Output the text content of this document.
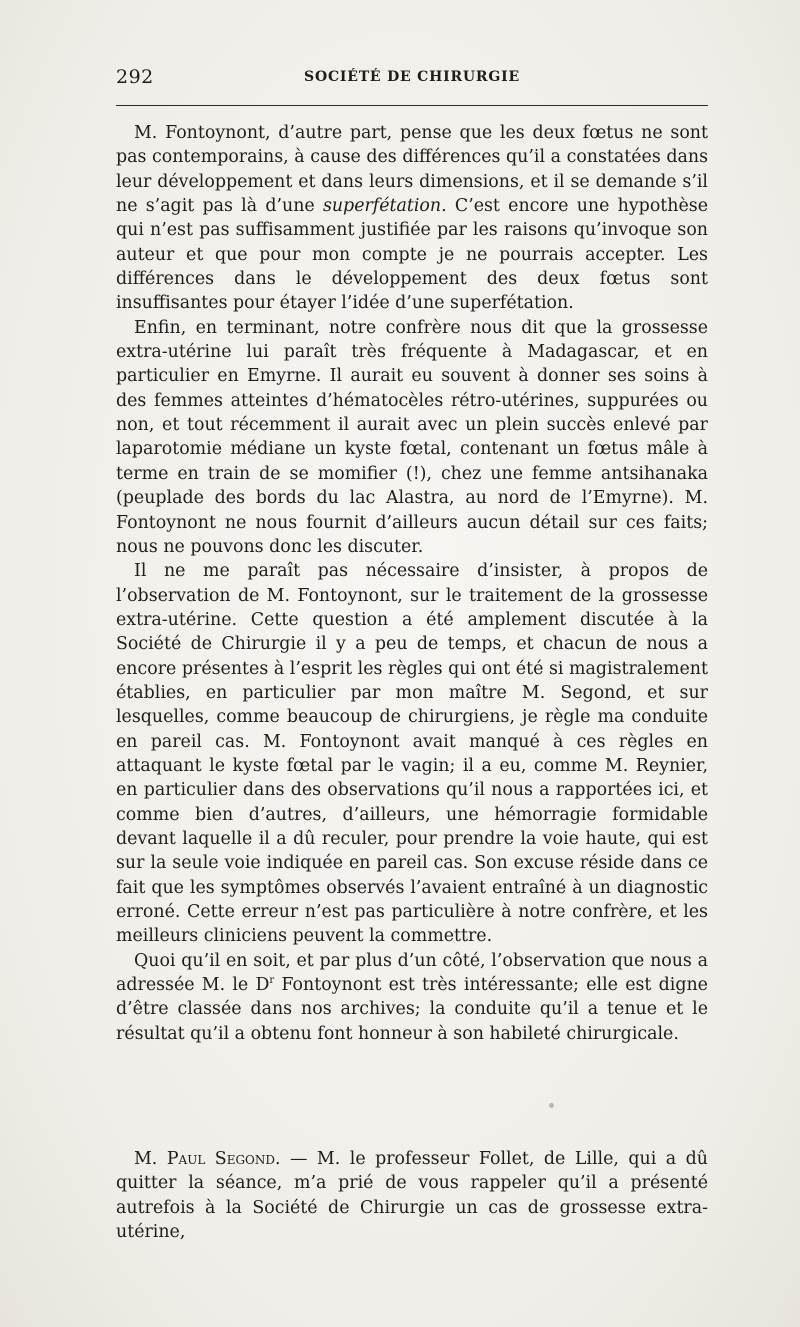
292	SOCIÉTÉ DE CHIRURGIE

M. Fontoynont, d’autre part, pense que les deux fœtus ne sont pas contemporains, à cause des différences qu’il a constatées dans leur développement et dans leurs dimensions, et il se demande s’il ne s’agit pas là d’une superfétation. C’est encore une hypothèse qui n’est pas suffisamment justifiée par les raisons qu’invoque son auteur et que pour mon compte je ne pourrais accepter. Les différences dans le développement des deux fœtus sont insuffisantes pour étayer l’idée d’une superfétation.

Enfin, en terminant, notre confrère nous dit que la grossesse extra-utérine lui paraît très fréquente à Madagascar, et en particulier en Emyrne. Il aurait eu souvent à donner ses soins à des femmes atteintes d’hématocèles rétro-utérines, suppurées ou non, et tout récemment il aurait avec un plein succès enlevé par laparotomie médiane un kyste fœtal, contenant un fœtus mâle à terme en train de se momifier (!), chez une femme antsihanaka (peuplade des bords du lac Alastra, au nord de l’Emyrne). M. Fontoynont ne nous fournit d’ailleurs aucun détail sur ces faits; nous ne pouvons donc les discuter.

Il ne me paraît pas nécessaire d’insister, à propos de l’observation de M. Fontoynont, sur le traitement de la grossesse extra-utérine. Cette question a été amplement discutée à la Société de Chirurgie il y a peu de temps, et chacun de nous a encore présentes à l’esprit les règles qui ont été si magistralement établies, en particulier par mon maître M. Segond, et sur lesquelles, comme beaucoup de chirurgiens, je règle ma conduite en pareil cas. M. Fontoynont avait manqué à ces règles en attaquant le kyste fœtal par le vagin; il a eu, comme M. Reynier, en particulier dans des observations qu’il nous a rapportées ici, et comme bien d’autres, d’ailleurs, une hémorragie formidable devant laquelle il a dû reculer, pour prendre la voie haute, qui est sur la seule voie indiquée en pareil cas. Son excuse réside dans ce fait que les symptômes observés l’avaient entraîné à un diagnostic erroné. Cette erreur n’est pas particulière à notre confrère, et les meilleurs cliniciens peuvent la commettre.

Quoi qu’il en soit, et par plus d’un côté, l’observation que nous a adressée M. le $D^r$ Fontoynont est très intéressante; elle est digne d’être classée dans nos archives; la conduite qu’il a tenue et le résultat qu’il a obtenu font honneur à son habileté chirurgicale.

M. Paul Segond. — M. le professeur Follet, de Lille, qui a dû quitter la séance, m’a prié de vous rappeler qu’il a présenté autrefois à la Société de Chirurgie un cas de grossesse extra-utérine,
